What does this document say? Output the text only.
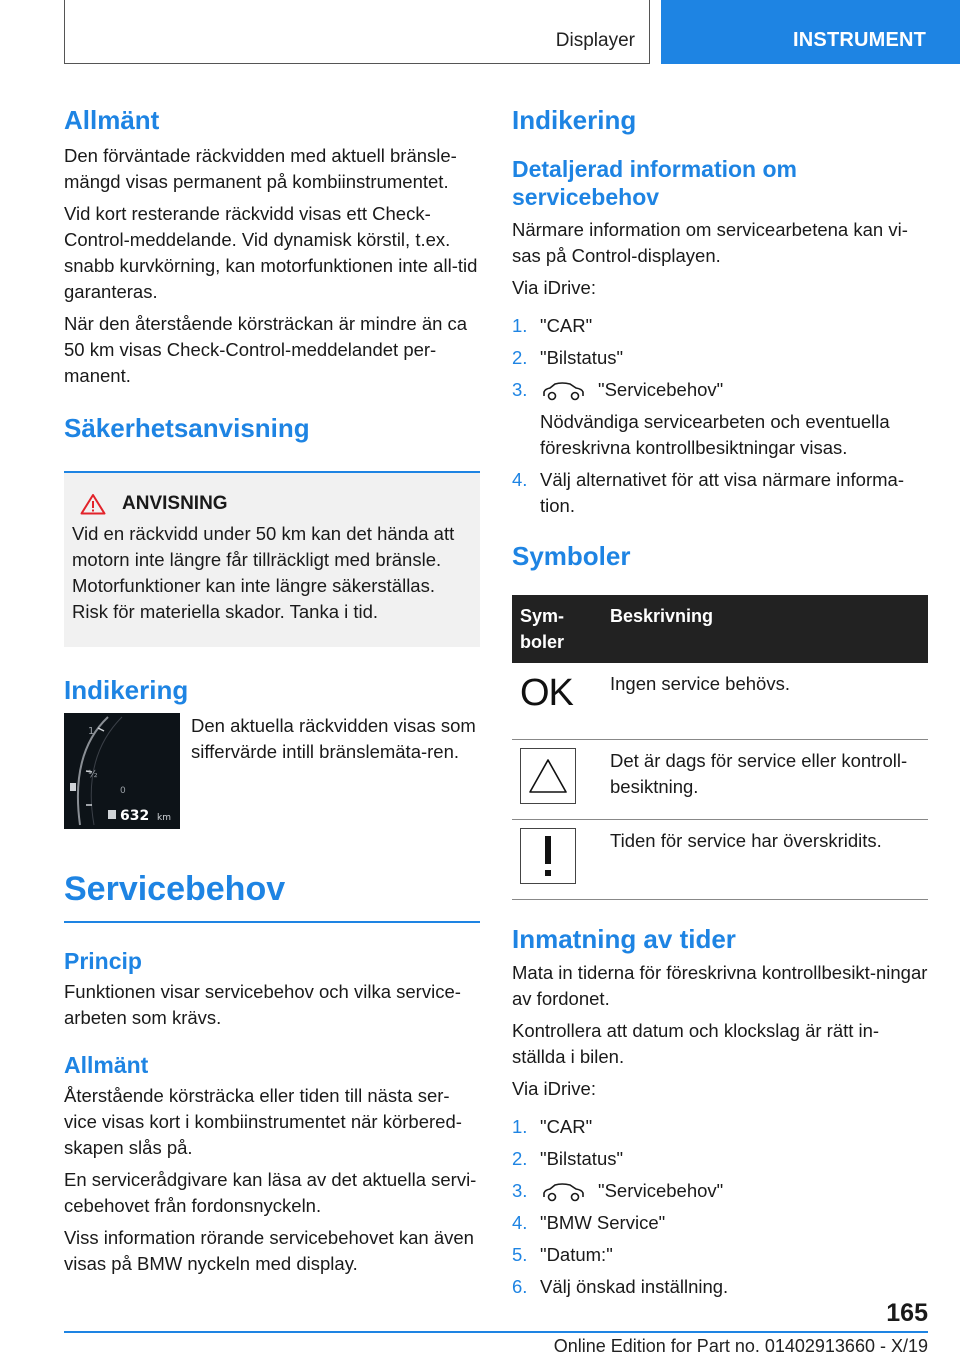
Displayer	INSTRUMENT
Allmänt

Den förväntade räckvidden med aktuell bränsle-mängd visas permanent på kombiinstrumentet.

Vid kort resterande räckvidd visas ett Check-Control-meddelande. Vid dynamisk körstil, t.ex. snabb kurvkörning, kan motorfunktionen inte all-tid garanteras.

När den återstående körsträckan är mindre än ca 50 km visas Check-Control-meddelandet per-manent.

Säkerhetsanvisning
ANVISNING

Vid en räckvidd under 50 km kan det hända att motorn inte längre får tillräckligt med bränsle. Motorfunktioner kan inte längre säkerställas. Risk för materiella skador. Tanka i tid.

Indikering
1
½
0
632 km

Den aktuella räckvidden visas som siffervärde intill bränslemäta-ren.

Servicebehov
Princip

Funktionen visar servicebehov och vilka service-arbeten som krävs.

Allmänt

Återstående körsträcka eller tiden till nästa ser-vice visas kort i kombiinstrumentet när körbered-skapen slås på.

En servicerådgivare kan läsa av det aktuella servi-cebehovet från fordonsnyckeln.

Viss information rörande servicebehovet kan även visas på BMW nyckeln med display.

Indikering
Detaljerad information om servicebehov

Närmare information om servicearbetena kan vi-sas på Control-displayen.

Via iDrive:

1. "CAR"
2. "Bilstatus"
3.	"Servicebehov"
Nödvändiga servicearbeten och eventuella föreskrivna kontrollbesiktningar visas.
4. Välj alternativet för att visa närmare informa-tion.
Symboler
Sym-boler	Beskrivning

OK	Ingen service behövs.
	Det är dags för service eller kontroll-besiktning.
	Tiden för service har överskridits.
Inmatning av tider

Mata in tiderna för föreskrivna kontrollbesikt-ningar av fordonet.

Kontrollera att datum och klockslag är rätt in-ställda i bilen.

Via iDrive:

1. "CAR"
2. "Bilstatus"
3.	"Servicebehov"
4. "BMW Service"
5. "Datum:"
6. Välj önskad inställning.
165
Online Edition for Part no. 01402913660 - X/19
